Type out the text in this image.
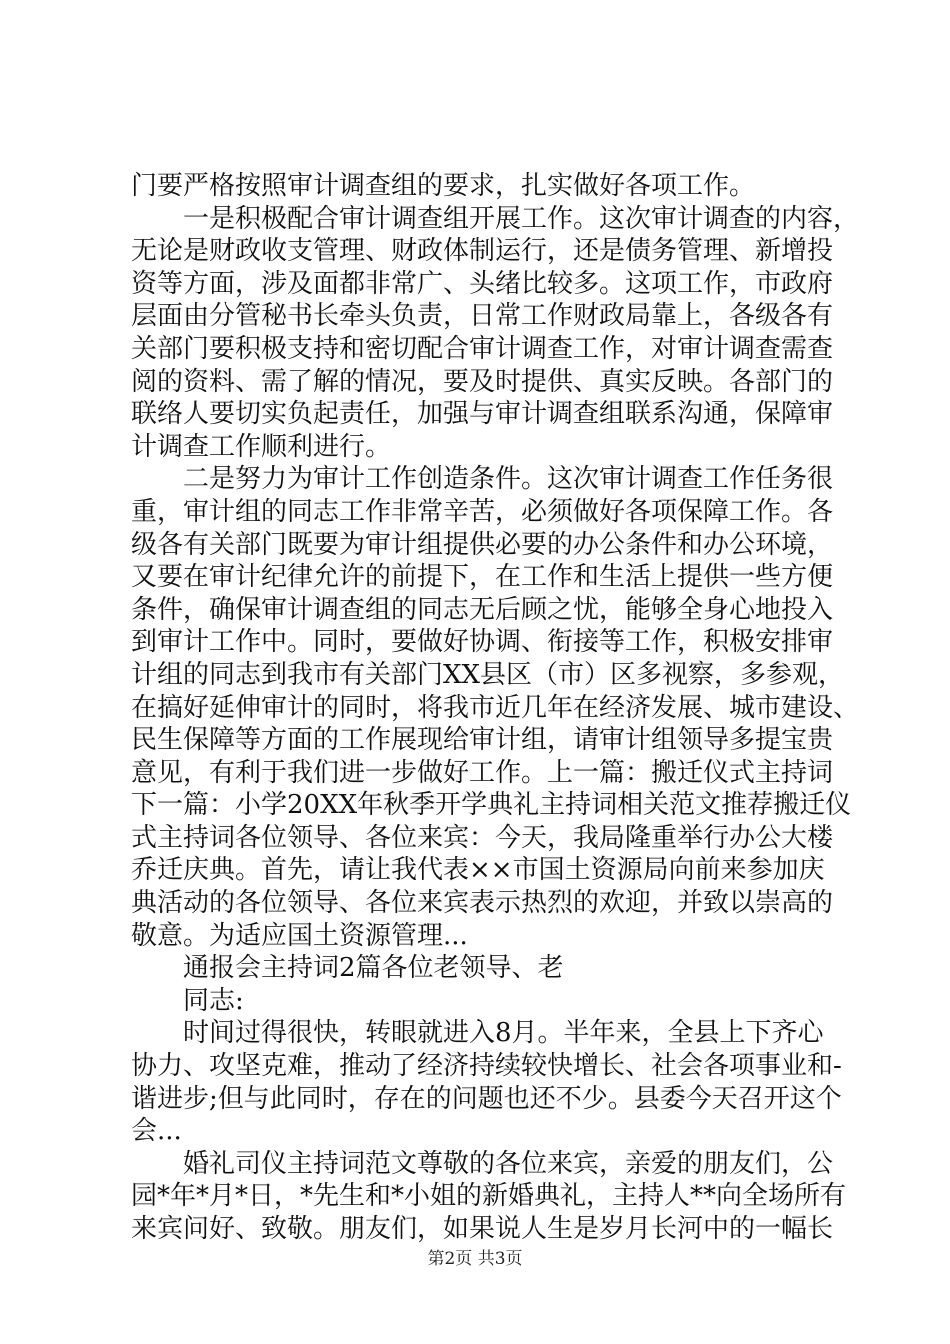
门要严格按照审计调查组的要求，扎实做好各项工作。
　　一是积极配合审计调查组开展工作。这次审计调查的内容，
无论是财政收支管理、财政体制运行，还是债务管理、新增投
资等方面，涉及面都非常广、头绪比较多。这项工作，市政府
层面由分管秘书长牵头负责，日常工作财政局靠上，各级各有
关部门要积极支持和密切配合审计调查工作，对审计调查需查
阅的资料、需了解的情况，要及时提供、真实反映。各部门的
联络人要切实负起责任，加强与审计调查组联系沟通，保障审
计调查工作顺利进行。
　　二是努力为审计工作创造条件。这次审计调查工作任务很
重，审计组的同志工作非常辛苦，必须做好各项保障工作。各
级各有关部门既要为审计组提供必要的办公条件和办公环境，
又要在审计纪律允许的前提下，在工作和生活上提供一些方便
条件，确保审计调查组的同志无后顾之忧，能够全身心地投入
到审计工作中。同时，要做好协调、衔接等工作，积极安排审
计组的同志到我市有关部门XX县区（市）区多视察，多参观，
在搞好延伸审计的同时，将我市近几年在经济发展、城市建设、
民生保障等方面的工作展现给审计组，请审计组领导多提宝贵
意见，有利于我们进一步做好工作。上一篇：搬迁仪式主持词
下一篇：小学20XX年秋季开学典礼主持词相关范文推荐搬迁仪
式主持词各位领导、各位来宾：今天，我局隆重举行办公大楼
乔迁庆典。首先，请让我代表××市国土资源局向前来参加庆
典活动的各位领导、各位来宾表示热烈的欢迎，并致以崇高的
敬意。为适应国土资源管理...
　　通报会主持词2篇各位老领导、老
　　同志:
　　时间过得很快，转眼就进入8月。半年来，全县上下齐心
协力、攻坚克难，推动了经济持续较快增长、社会各项事业和-
谐进步;但与此同时，存在的问题也还不少。县委今天召开这个
会...
　　婚礼司仪主持词范文尊敬的各位来宾，亲爱的朋友们，公
园*年*月*日，*先生和*小姐的新婚典礼，主持人**向全场所有
来宾问好、致敬。朋友们，如果说人生是岁月长河中的一幅长
第2页 共3页
